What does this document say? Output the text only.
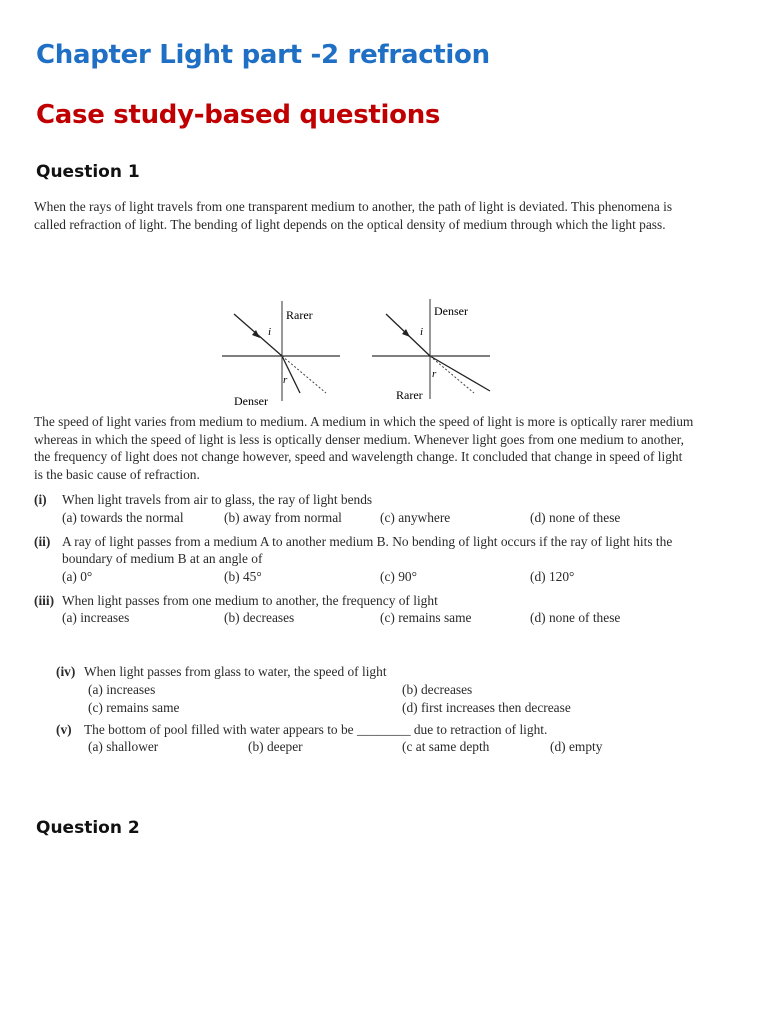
Chapter Light part -2 refraction
Case study-based questions
Question 1

When the rays of light travels from one transparent medium to another, the path of light is deviated. This phenomena is called refraction of light. The bending of light depends on the optical density of medium through which the light pass.

i
r
Rarer
Denser
i
r
Denser
Rarer

The speed of light varies from medium to medium. A medium in which the speed of light is more is optically rarer medium whereas in which the speed of light is less is optically denser medium. Whenever light goes from one medium to another, the frequency of light does not change however, speed and wavelength change. It concluded that change in speed of light is the basic cause of refraction.

(i)	When light travels from air to glass, the ray of light bends
(a) towards the normal	(b) away from normal	(c) anywhere	(d) none of these
(ii) A ray of light passes from a medium A to another medium B. No bending of light occurs if the ray of light hits the boundary of medium B at an angle of
(a) 0°	(b) 45°	(c) 90°	(d) 120°
(iii) When light passes from one medium to another, the frequency of light
(a) increases	(b) decreases	(c) remains same	(d) none of these
(iv) When light passes from glass to water, the speed of light
(a) increases	(b) decreases
(c) remains same	(d) first increases then decrease
(v) The bottom of pool filled with water appears to be ________ due to retraction of light.
(a) shallower	(b) deeper	(c at same depth	(d) empty
Question 2
